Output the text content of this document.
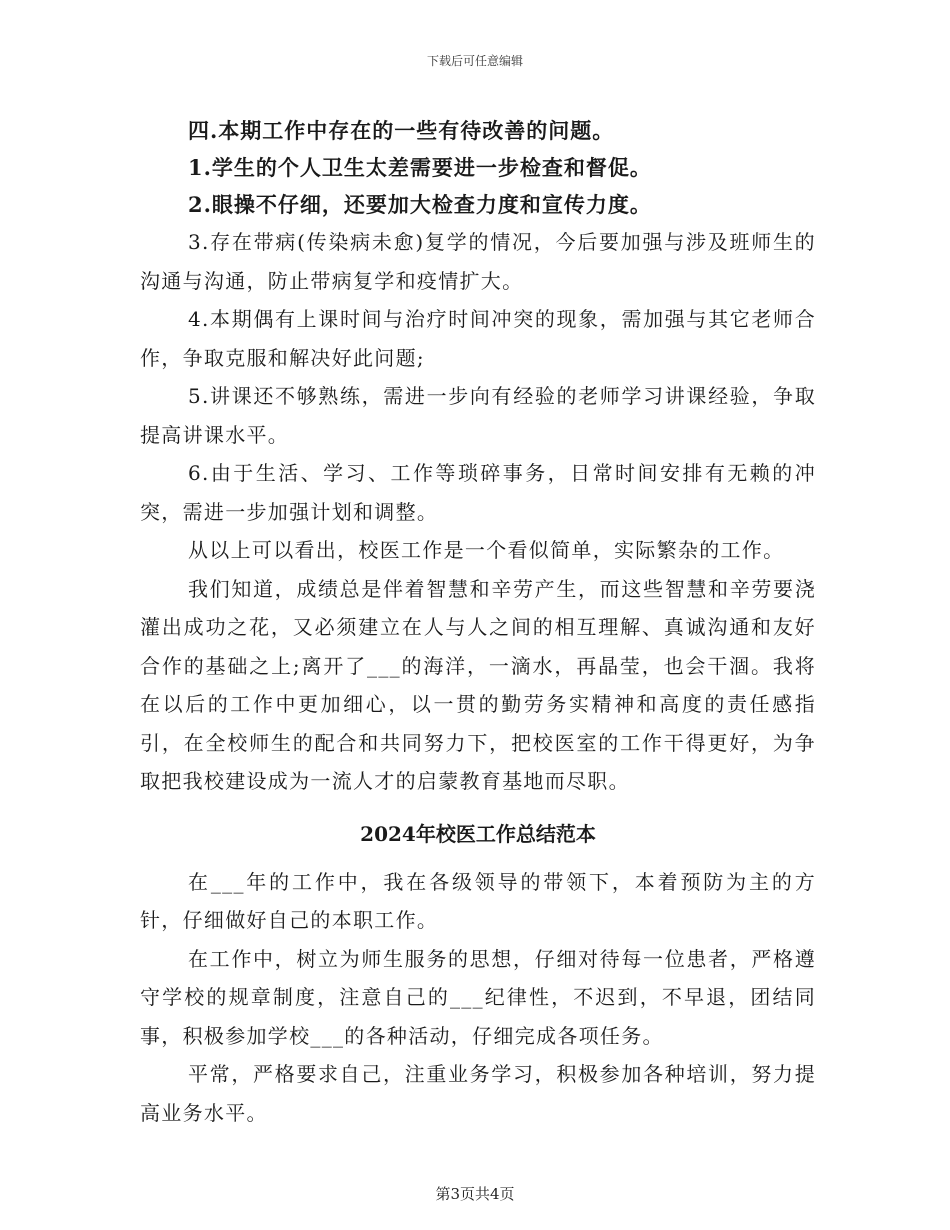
下载后可任意编辑
四.本期工作中存在的一些有待改善的问题。
1.学生的个人卫生太差需要进一步检查和督促。
2.眼操不仔细，还要加大检查力度和宣传力度。

3.存在带病(传染病未愈)复学的情况，今后要加强与涉及班师生的沟通与沟通，防止带病复学和疫情扩大。

4.本期偶有上课时间与治疗时间冲突的现象，需加强与其它老师合作，争取克服和解决好此问题;

5.讲课还不够熟练，需进一步向有经验的老师学习讲课经验，争取提高讲课水平。

6.由于生活、学习、工作等琐碎事务，日常时间安排有无赖的冲突，需进一步加强计划和调整。

从以上可以看出，校医工作是一个看似简单，实际繁杂的工作。

我们知道，成绩总是伴着智慧和辛劳产生，而这些智慧和辛劳要浇灌出成功之花，又必须建立在人与人之间的相互理解、真诚沟通和友好合作的基础之上;离开了___的海洋，一滴水，再晶莹，也会干涸。我将在以后的工作中更加细心，以一贯的勤劳务实精神和高度的责任感指引，在全校师生的配合和共同努力下，把校医室的工作干得更好，为争取把我校建设成为一流人才的启蒙教育基地而尽职。

2024年校医工作总结范本

在___年的工作中，我在各级领导的带领下，本着预防为主的方针，仔细做好自己的本职工作。

在工作中，树立为师生服务的思想，仔细对待每一位患者，严格遵守学校的规章制度，注意自己的___纪律性，不迟到，不早退，团结同事，积极参加学校___的各种活动，仔细完成各项任务。

平常，严格要求自己，注重业务学习，积极参加各种培训，努力提高业务水平。

第3页共4页
